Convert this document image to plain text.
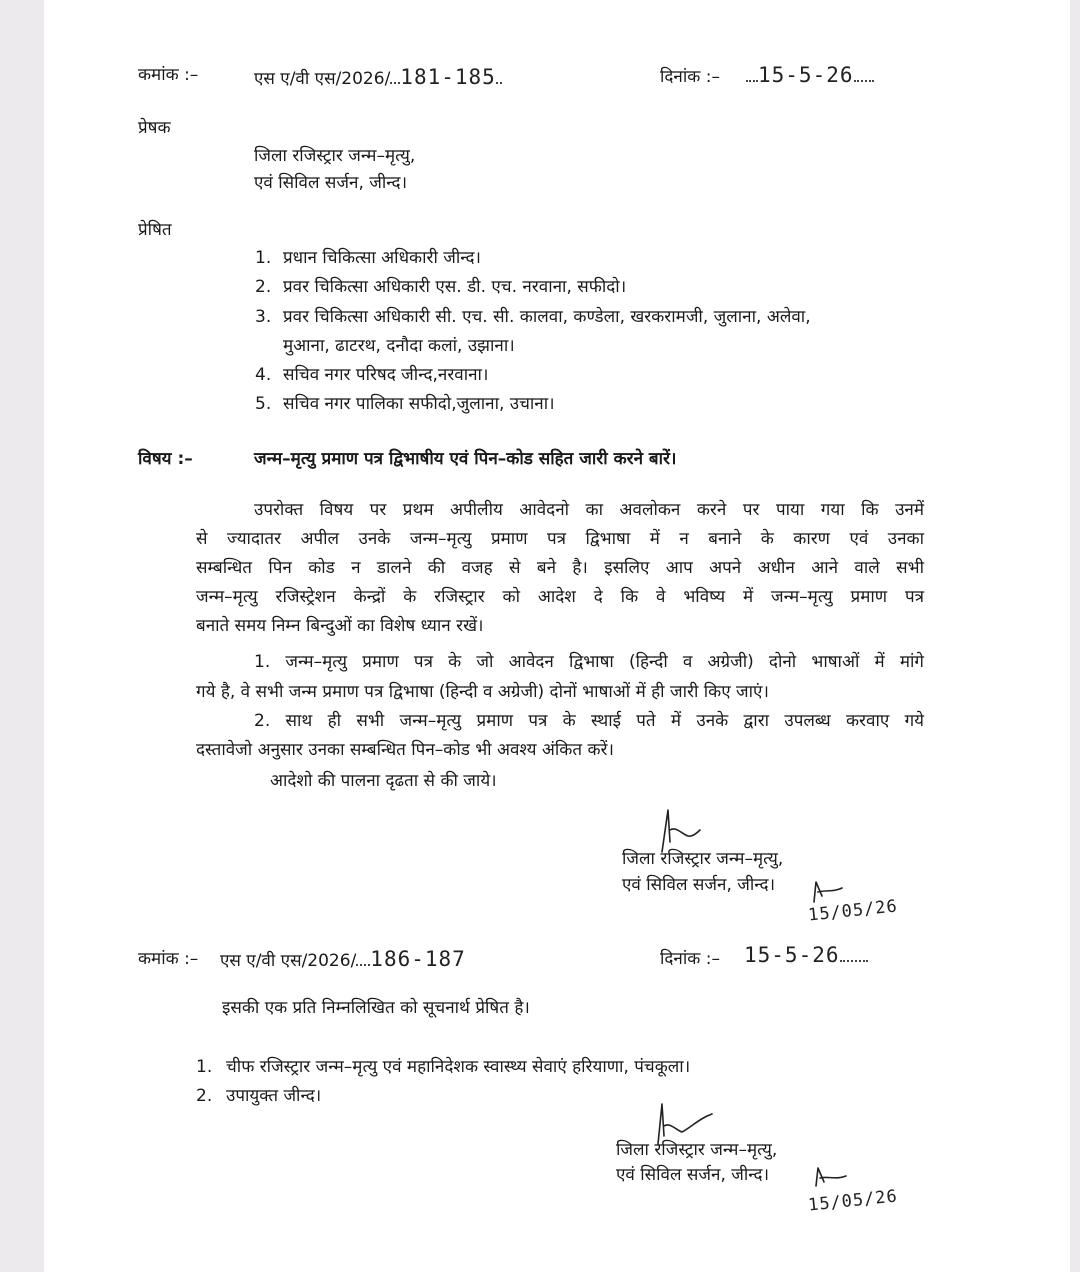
कमांक :–	एस ए/वी एस/2026/ 181-185	दिनांक :–	15-5-26
प्रेषक
जिला रजिस्ट्रार जन्म–मृत्यु,
एवं सिविल सर्जन, जीन्द।
प्रेषित
1. प्रधान चिकित्सा अधिकारी जीन्द।
2. प्रवर चिकित्सा अधिकारी एस. डी. एच. नरवाना, सफीदो।
3. प्रवर चिकित्सा अधिकारी सी. एच. सी. कालवा, कण्डेला, खरकरामजी, जुलाना, अलेवा,
मुआना, ढाटरथ, दनौदा कलां, उझाना।
4. सचिव नगर परिषद जीन्द,नरवाना।
5. सचिव नगर पालिका सफीदो,जुलाना, उचाना।
विषय :–	जन्म–मृत्यु प्रमाण पत्र द्विभाषीय एवं पिन–कोड सहित जारी करने बारें।
उपरोक्त विषय पर प्रथम अपीलीय आवेदनो का अवलोकन करने पर पाया गया कि उनमें
से ज्यादातर अपील उनके जन्म–मृत्यु प्रमाण पत्र द्विभाषा में न बनाने के कारण एवं उनका
सम्बन्धित पिन कोड न डालने की वजह से बने है। इसलिए आप अपने अधीन आने वाले सभी
जन्म–मृत्यु रजिस्ट्रेशन केन्द्रों के रजिस्ट्रार को आदेश दे कि वे भविष्य में जन्म–मृत्यु प्रमाण पत्र
बनाते समय निम्न बिन्दुओं का विशेष ध्यान रखें।
1. जन्म–मृत्यु प्रमाण पत्र के जो आवेदन द्विभाषा (हिन्दी व अग्रेजी) दोनो भाषाओं में मांगे
गये है, वे सभी जन्म प्रमाण पत्र द्विभाषा (हिन्दी व अग्रेजी) दोनों भाषाओं में ही जारी किए जाएं।
2. साथ ही सभी जन्म–मृत्यु प्रमाण पत्र के स्थाई पते में उनके द्वारा उपलब्ध करवाए गये
दस्तावेजो अनुसार उनका सम्बन्धित पिन–कोड भी अवश्य अंकित करें।
आदेशो की पालना दृढता से की जाये।
जिला रजिस्ट्रार जन्म–मृत्यु,
एवं सिविल सर्जन, जीन्द।
15/05/26
कमांक :– एस ए/वी एस/2026/ 186-187	दिनांक :– 15-5-26
इसकी एक प्रति निम्नलिखित को सूचनार्थ प्रेषित है।
1. चीफ रजिस्ट्रार जन्म–मृत्यु एवं महानिदेशक स्वास्थ्य सेवाएं हरियाणा, पंचकूला।
2. उपायुक्त जीन्द।
जिला रजिस्ट्रार जन्म–मृत्यु,
एवं सिविल सर्जन, जीन्द।
15/05/26
